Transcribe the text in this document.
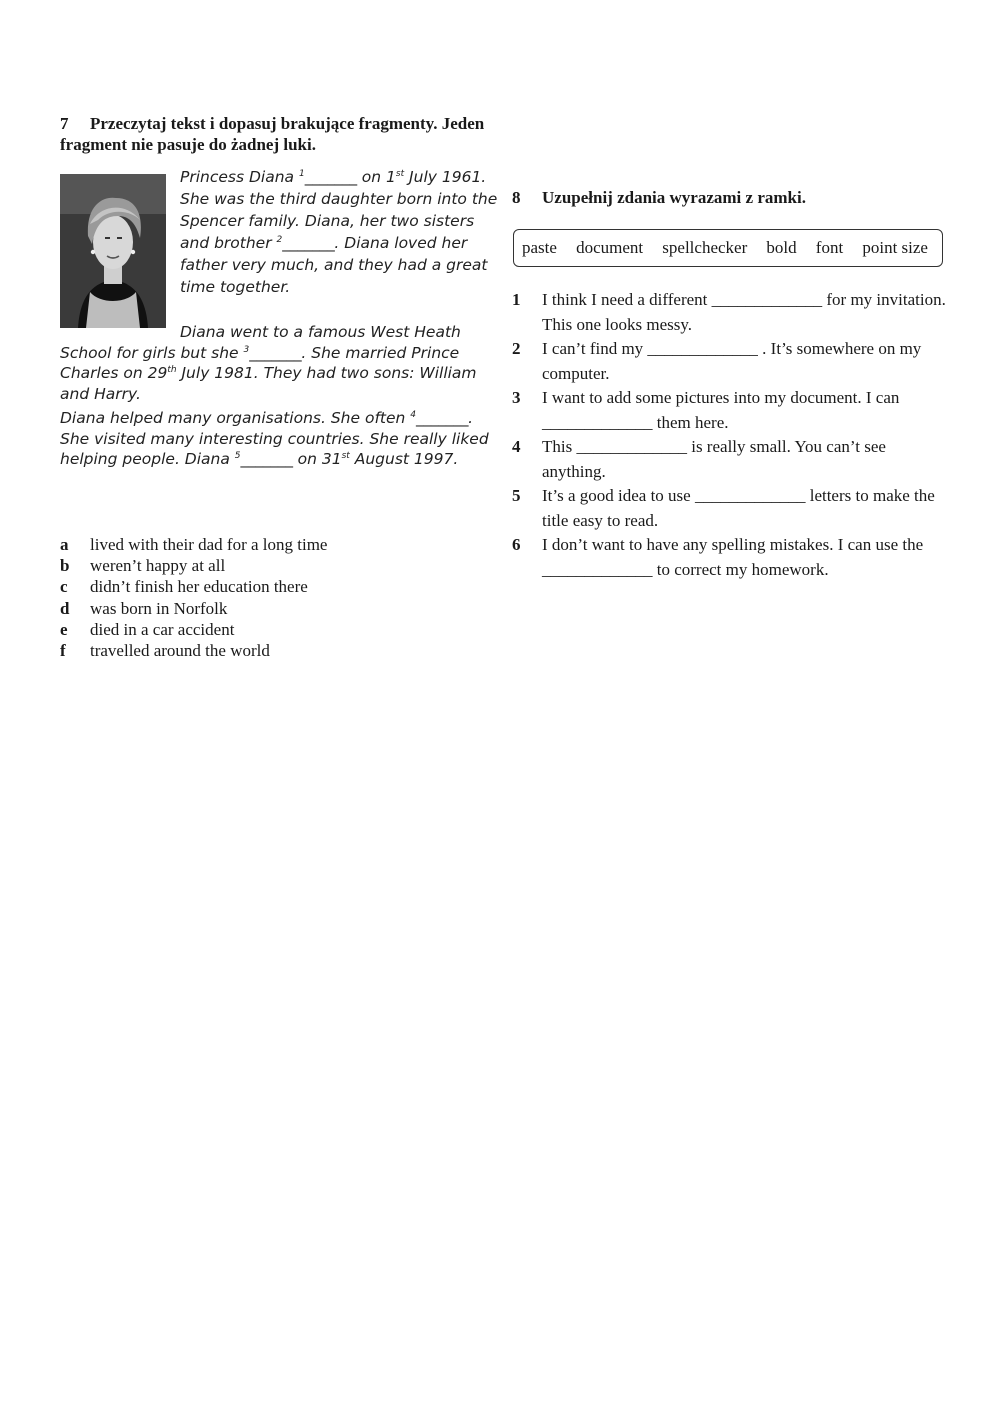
7 Przeczytaj tekst i dopasuj brakujące fragmenty. Jeden fragment nie pasuje do żadnej luki.
Princess Diana $^1$_______ on 1st July 1961. She was the third daughter born into the Spencer family. Diana, her two sisters and brother $^2$_______. Diana loved her father very much, and they had a great time together.
Diana went to a famous West Heath
School for girls but she $^3$_______. She married Prince Charles on 29th July 1981. They had two sons: William and Harry.
Diana helped many organisations. She often $^4$_______. She visited many interesting countries. She really liked helping people. Diana $^5$_______ on 31st August 1997.
a lived with their dad for a long time
b weren’t happy at all
c didn’t finish her education there
d was born in Norfolk
e died in a car accident
f travelled around the world
8 Uzupełnij zdania wyrazami z ramki.
paste document spellchecker bold font point size
1	I think I need a different _____________ for my invitation. This one looks messy.
2	I can’t find my _____________ . It’s somewhere on my computer.
3	I want to add some pictures into my document. I can _____________ them here.
4	This _____________ is really small. You can’t see anything.
5	It’s a good idea to use _____________ letters to make the title easy to read.
6	I don’t want to have any spelling mistakes. I can use the _____________ to correct my homework.
